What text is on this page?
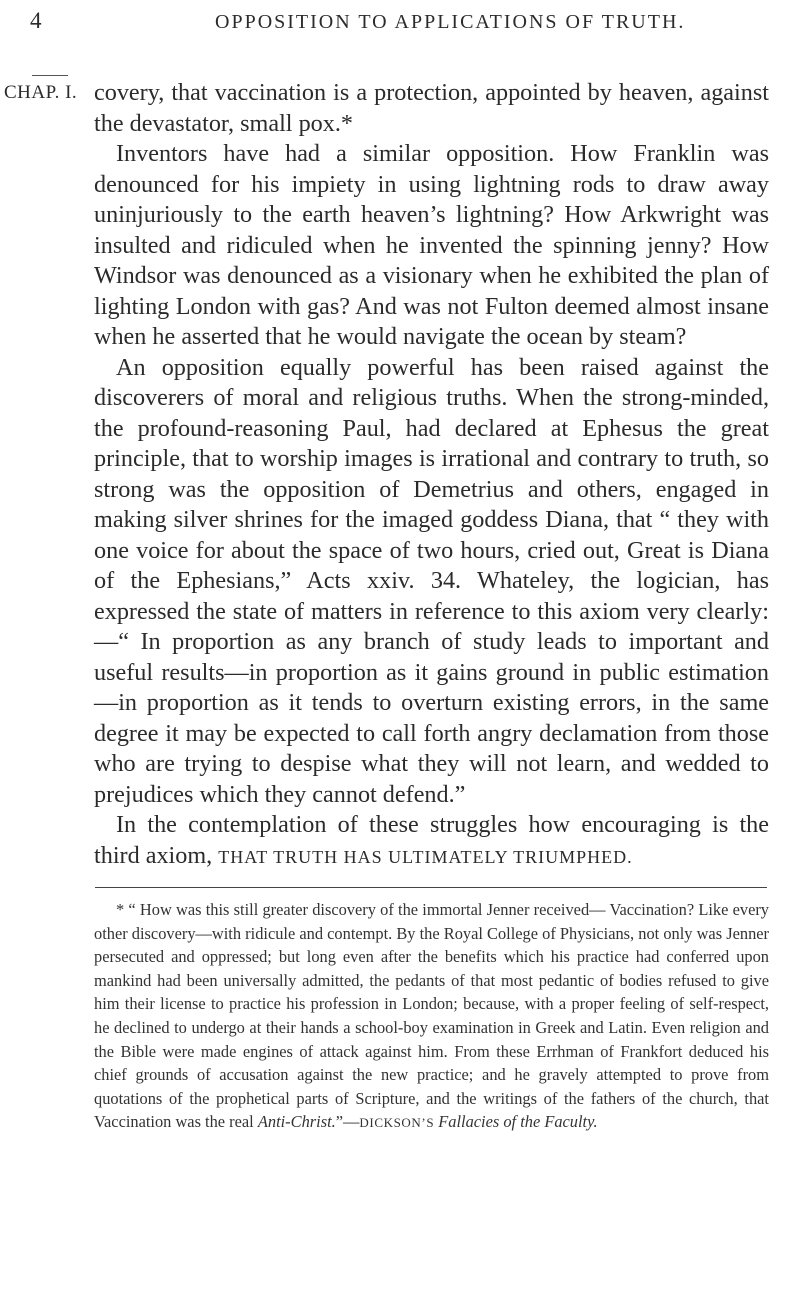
4	OPPOSITION TO APPLICATIONS OF TRUTH.
CHAP. I. covery, that vaccination is a protection, appointed by heaven, against the devastator, small pox.*

Inventors have had a similar opposition. How Franklin was denounced for his impiety in using lightning rods to draw away uninjuriously to the earth heaven’s lightning? How Arkwright was insulted and ridiculed when he invented the spinning jenny? How Windsor was denounced as a visionary when he exhibited the plan of lighting London with gas? And was not Fulton deemed almost insane when he asserted that he would navigate the ocean by steam?

An opposition equally powerful has been raised against the discoverers of moral and religious truths. When the strong-minded, the profound-reasoning Paul, had declared at Ephesus the great principle, that to worship images is irrational and contrary to truth, so strong was the opposition of Demetrius and others, engaged in making silver shrines for the imaged goddess Diana, that “ they with one voice for about the space of two hours, cried out, Great is Diana of the Ephesians,” Acts xxiv. 34. Whateley, the logician, has expressed the state of matters in reference to this axiom very clearly:—“ In proportion as any branch of study leads to important and useful results—in proportion as it gains ground in public estimation—in proportion as it tends to overturn existing errors, in the same degree it may be expected to call forth angry declamation from those who are trying to despise what they will not learn, and wedded to prejudices which they cannot defend.”

In the contemplation of these struggles how encouraging is the third axiom, THAT TRUTH HAS ULTIMATELY TRIUMPHED.

* “ How was this still greater discovery of the immortal Jenner received— Vaccination? Like every other discovery—with ridicule and contempt. By the Royal College of Physicians, not only was Jenner persecuted and oppressed; but long even after the benefits which his practice had conferred upon mankind had been universally admitted, the pedants of that most pedantic of bodies refused to give him their license to practice his profession in London; because, with a proper feeling of self-respect, he declined to undergo at their hands a school-boy examination in Greek and Latin. Even religion and the Bible were made engines of attack against him. From these Errhman of Frankfort deduced his chief grounds of accusation against the new practice; and he gravely attempted to prove from quotations of the prophetical parts of Scripture, and the writings of the fathers of the church, that Vaccination was the real Anti-Christ.”—DICKSON’S Fallacies of the Faculty.
